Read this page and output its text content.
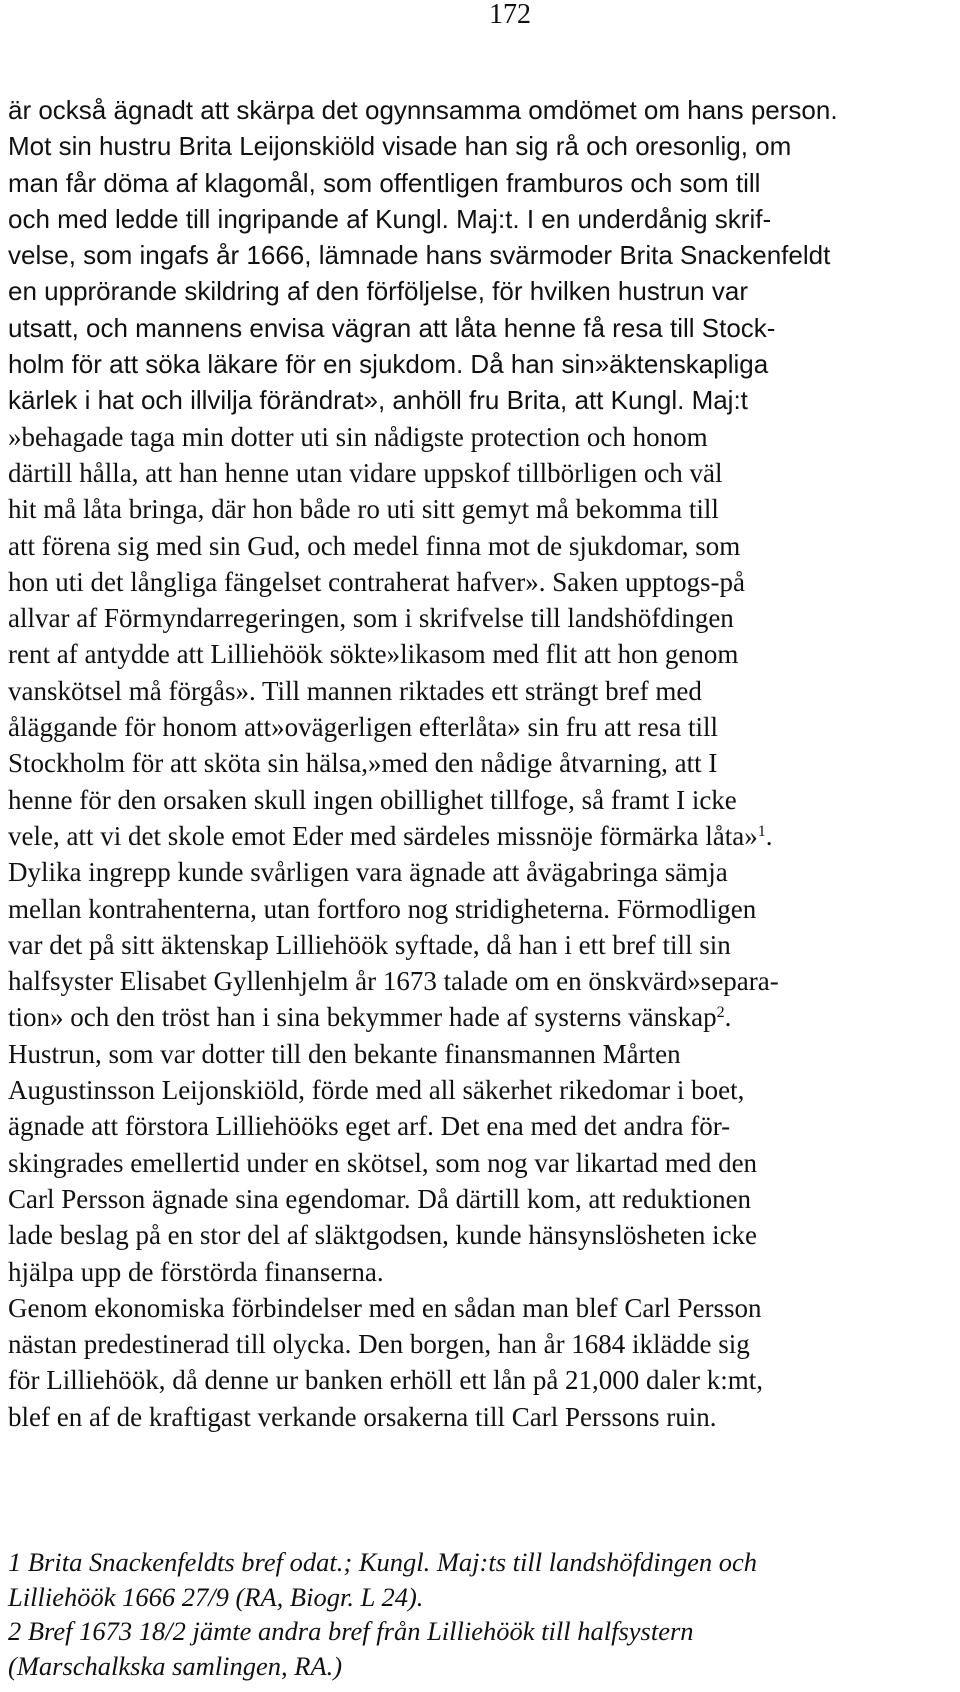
172

är också ägnadt att skärpa det ogynnsamma omdömet om hans person.
Mot sin hustru Brita Leijonskiöld visade han sig rå och oresonlig, om
man får döma af klagomål, som offentligen framburos och som till
och med ledde till ingripande af Kungl. Maj:t. I en underdånig skrif-
velse, som ingafs år 1666, lämnade hans svärmoder Brita Snackenfeldt
en upprörande skildring af den förföljelse, för hvilken hustrun var
utsatt, och mannens envisa vägran att låta henne få resa till Stock-
holm för att söka läkare för en sjukdom. Då han sin»äktenskapliga
kärlek i hat och illvilja förändrat», anhöll fru Brita, att Kungl. Maj:t
»behagade taga min dotter uti sin nådigste protection och honom
därtill hålla, att han henne utan vidare uppskof tillbörligen och väl
hit må låta bringa, där hon både ro uti sitt gemyt må bekomma till
att förena sig med sin Gud, och medel finna mot de sjukdomar, som
hon uti det långliga fängelset contraherat hafver». Saken upptogs-på
allvar af Förmyndarregeringen, som i skrifvelse till landshöfdingen
rent af antydde att Lilliehöök sökte»likasom med flit att hon genom
vanskötsel må förgås». Till mannen riktades ett strängt bref med
åläggande för honom att»ovägerligen efterlåta» sin fru att resa till
Stockholm för att sköta sin hälsa,»med den nådige åtvarning, att I
henne för den orsaken skull ingen obillighet tillfoge, så framt I icke
vele, att vi det skole emot Eder med särdeles missnöje förmärka låta»$^1$.
Dylika ingrepp kunde svårligen vara ägnade att åvägabringa sämja
mellan kontrahenterna, utan fortforo nog stridigheterna. Förmodligen
var det på sitt äktenskap Lilliehöök syftade, då han i ett bref till sin
halfsyster Elisabet Gyllenhjelm år 1673 talade om en önskvärd»separa-
tion» och den tröst han i sina bekymmer hade af systerns vänskap$^2$.
Hustrun, som var dotter till den bekante finansmannen Mårten
Augustinsson Leijonskiöld, förde med all säkerhet rikedomar i boet,
ägnade att förstora Lilliehööks eget arf. Det ena med det andra för-
skingrades emellertid under en skötsel, som nog var likartad med den
Carl Persson ägnade sina egendomar. Då därtill kom, att reduktionen
lade beslag på en stor del af släktgodsen, kunde hänsynslösheten icke
hjälpa upp de förstörda finanserna.
Genom ekonomiska förbindelser med en sådan man blef Carl Persson
nästan predestinerad till olycka. Den borgen, han år 1684 iklädde sig
för Lilliehöök, då denne ur banken erhöll ett lån på 21,000 daler k:mt,
blef en af de kraftigast verkande orsakerna till Carl Perssons ruin.
1 Brita Snackenfeldts bref odat.; Kungl. Maj:ts till landshöfdingen och
Lilliehöök 1666 27/9 (RA, Biogr. L 24).
2 Bref 1673 18/2 jämte andra bref från Lilliehöök till halfsystern
(Marschalkska samlingen, RA.)
